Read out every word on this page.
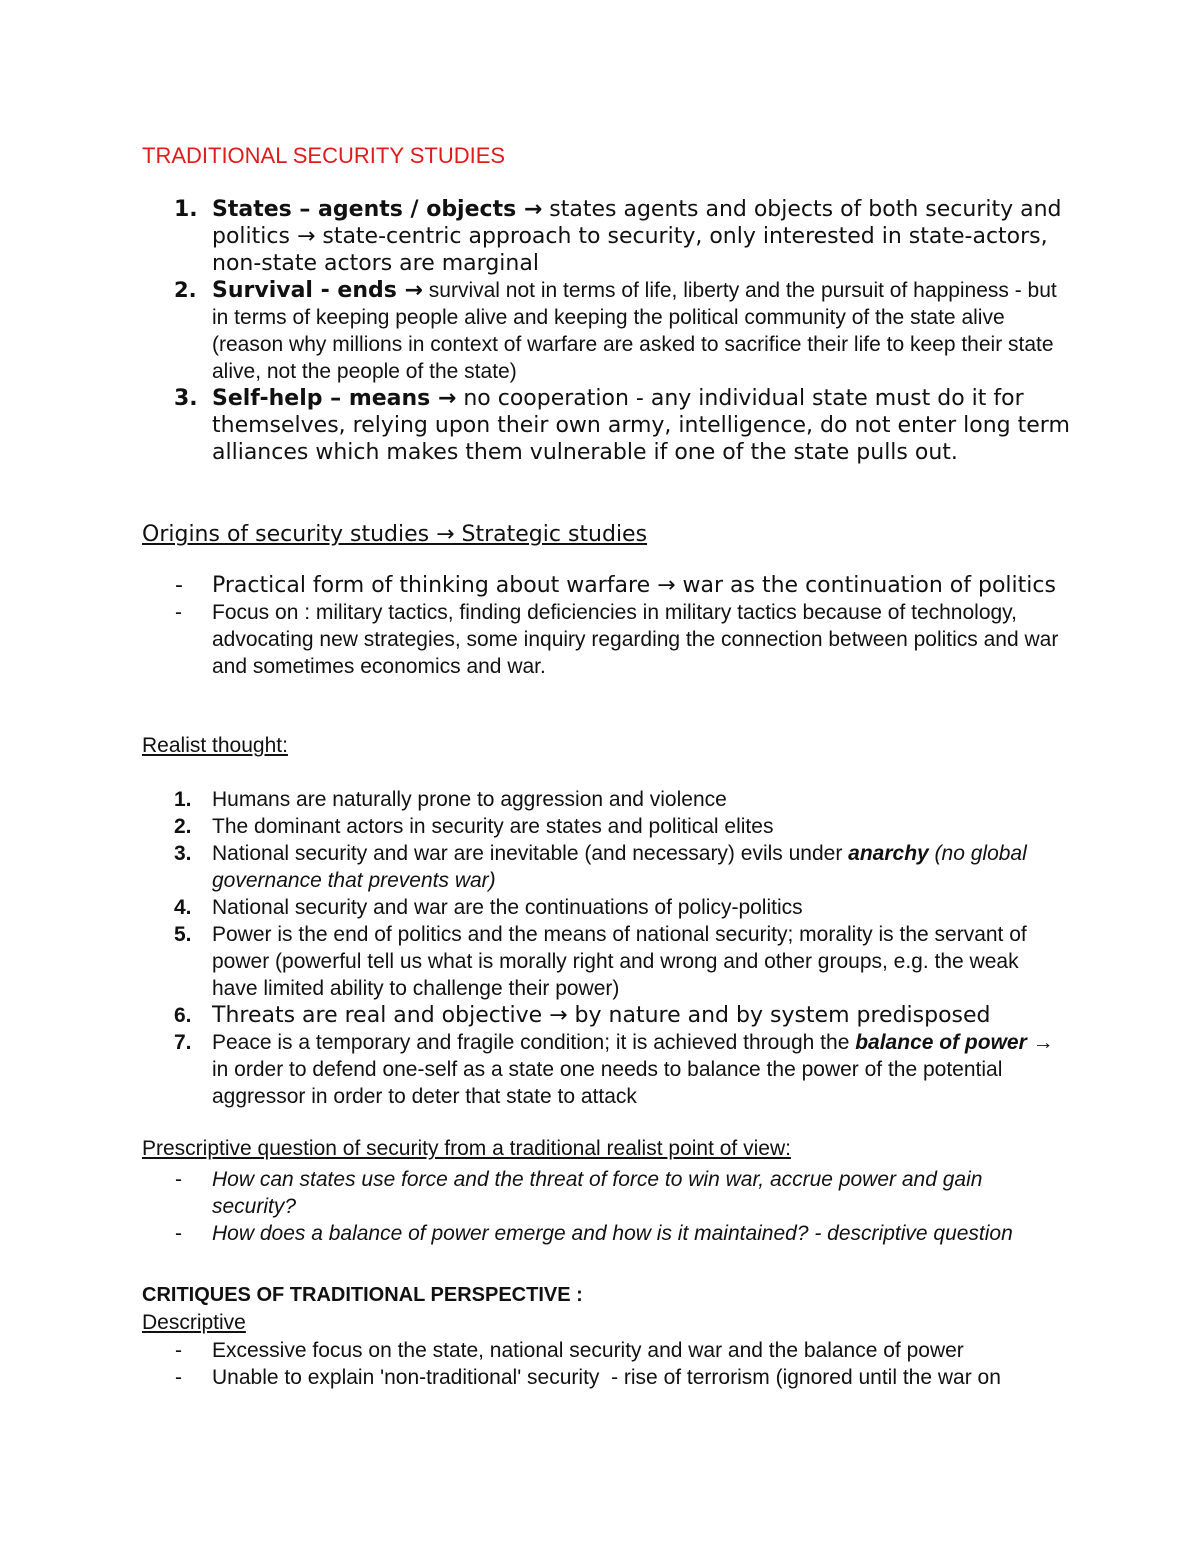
TRADITIONAL SECURITY STUDIES
1. States – agents / objects → states agents and objects of both security and politics → state-centric approach to security, only interested in state-actors, non-state actors are marginal
2. Survival - ends → survival not in terms of life, liberty and the pursuit of happiness - but in terms of keeping people alive and keeping the political community of the state alive (reason why millions in context of warfare are asked to sacrifice their life to keep their state alive, not the people of the state)
3. Self-help – means → no cooperation - any individual state must do it for themselves, relying upon their own army, intelligence, do not enter long term alliances which makes them vulnerable if one of the state pulls out.
Origins of security studies → Strategic studies
- Practical form of thinking about warfare → war as the continuation of politics
- Focus on : military tactics, finding deficiencies in military tactics because of technology, advocating new strategies, some inquiry regarding the connection between politics and war and sometimes economics and war.
Realist thought:
1. Humans are naturally prone to aggression and violence
2. The dominant actors in security are states and political elites
3. National security and war are inevitable (and necessary) evils under anarchy (no global governance that prevents war)
4. National security and war are the continuations of policy-politics
5. Power is the end of politics and the means of national security; morality is the servant of power (powerful tell us what is morally right and wrong and other groups, e.g. the weak have limited ability to challenge their power)
6. Threats are real and objective → by nature and by system predisposed
7. Peace is a temporary and fragile condition; it is achieved through the balance of power → in order to defend one-self as a state one needs to balance the power of the potential aggressor in order to deter that state to attack
Prescriptive question of security from a traditional realist point of view:
- How can states use force and the threat of force to win war, accrue power and gain security?
- How does a balance of power emerge and how is it maintained? - descriptive question
CRITIQUES OF TRADITIONAL PERSPECTIVE :
Descriptive
- Excessive focus on the state, national security and war and the balance of power
- Unable to explain 'non-traditional' security  - rise of terrorism (ignored until the war on
